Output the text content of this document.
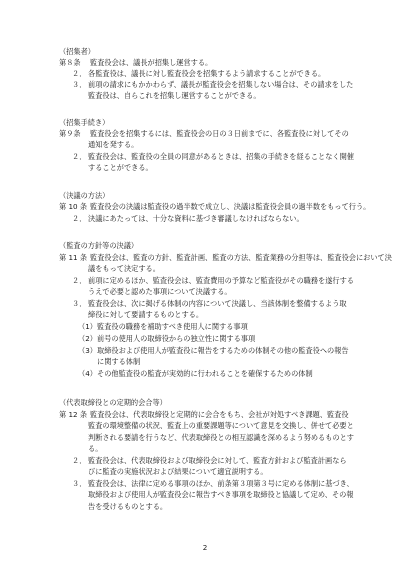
（招集者）
第８条 監査役会は、議長が招集し運営する。
２． 各監査役は、議長に対し監査役会を招集するよう請求することができる。
３． 前項の請求にもかかわらず、議長が監査役会を招集しない場合は、その請求をした
監査役は、自らこれを招集し運営することができる。
（招集手続き）
第９条 監査役会を招集するには、監査役会の日の３日前までに、各監査役に対してその
通知を発する。
２． 監査役会は、監査役の全員の同意があるときは、招集の手続きを経ることなく開催
することができる。
（決議の方法）
第 10 条 監査役会の決議は監査役の過半数で成立し、決議は監査役会員の過半数をもって行う。
２． 決議にあたっては、十分な資料に基づき審議しなければならない。
（監査の方針等の決議）
第 11 条 監査役会は、監査の方針、監査計画、監査の方法、監査業務の分担等は、監査役会において決
議をもって決定する。
２． 前項に定めるほか、監査役会は、監査費用の予算など監査役がその職務を遂行する
うえで必要と認めた事項について決議する。
３． 監査役会は、次に掲げる体制の内容について決議し、当該体制を整備するよう取
締役に対して要請するものとする。
（1）監査役の職務を補助すべき使用人に関する事項
（2）前号の使用人の取締役からの独立性に関する事項
（3）取締役および使用人が監査役に報告をするための体制その他の監査役への報告
に関する体制
（4）その他監査役の監査が実効的に行われることを確保するための体制
（代表取締役との定期的会合等）
第 12 条 監査役会は、代表取締役と定期的に会合をもち、会社が対処すべき課題、監査役
監査の環境整備の状況、監査上の重要課題等について意見を交換し、併せて必要と
判断される要請を行うなど、代表取締役との相互認識を深めるよう努めるものとす
る。
２． 監査役会は、代表取締役および取締役会に対して、監査方針および監査計画なら
びに監査の実施状況および結果について適宜説明する。
３． 監査役会は、法律に定める事項のほか、前条第３項第３号に定める体制に基づき、
取締役および使用人が監査役会に報告すべき事項を取締役と協議して定め、その報
告を受けるものとする。
2
